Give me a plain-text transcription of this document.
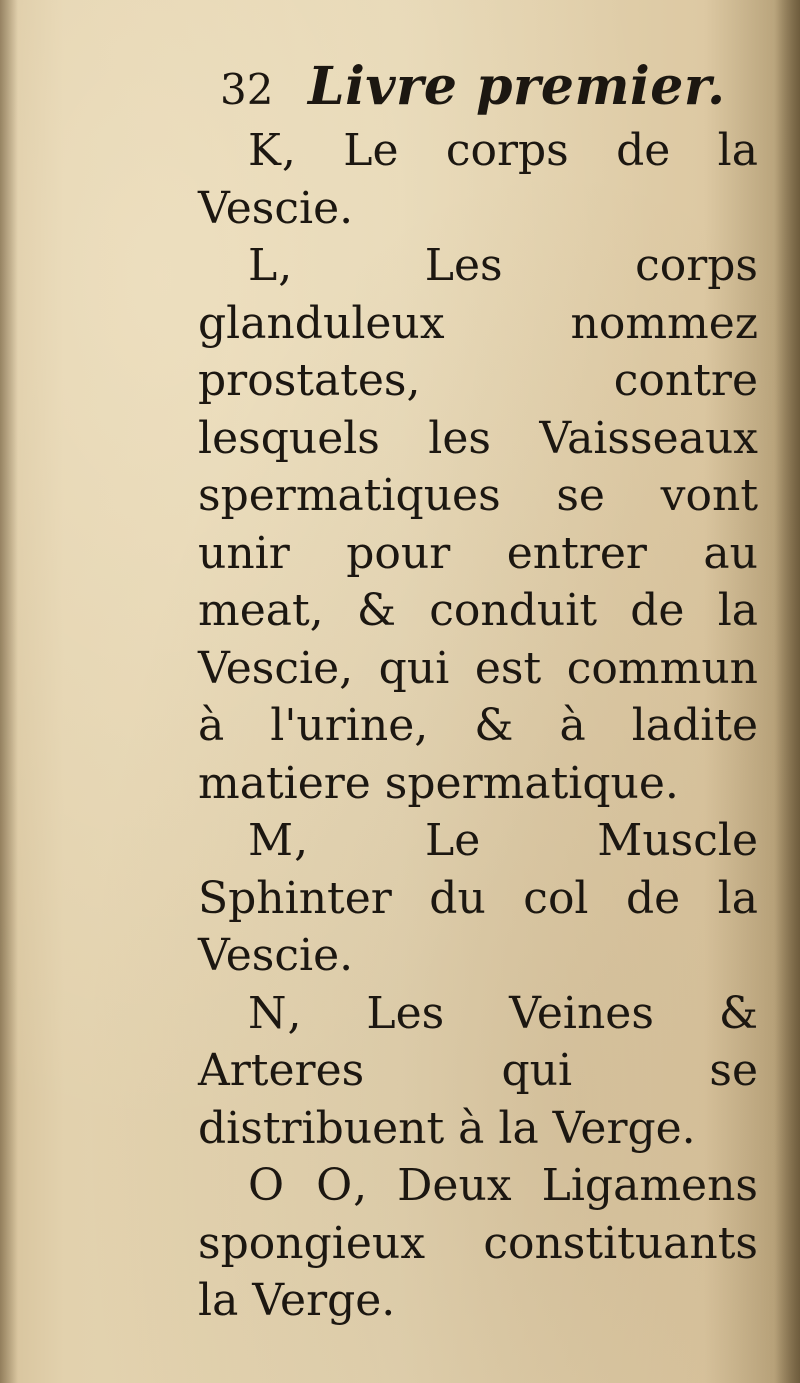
32 Livre premier.

K, Le corps de la Vescie.

L, Les corps glanduleux nommez prostates, contre lesquels les Vaisseaux spermatiques se vont unir pour entrer au meat, & conduit de la Vescie, qui est commun à l'urine, & à ladite matiere spermatique.

M, Le Muscle Sphinter du col de la Vescie.

N, Les Veines & Arteres qui se distribuent à la Verge.

O O, Deux Ligamens spongieux constituants la Verge.
